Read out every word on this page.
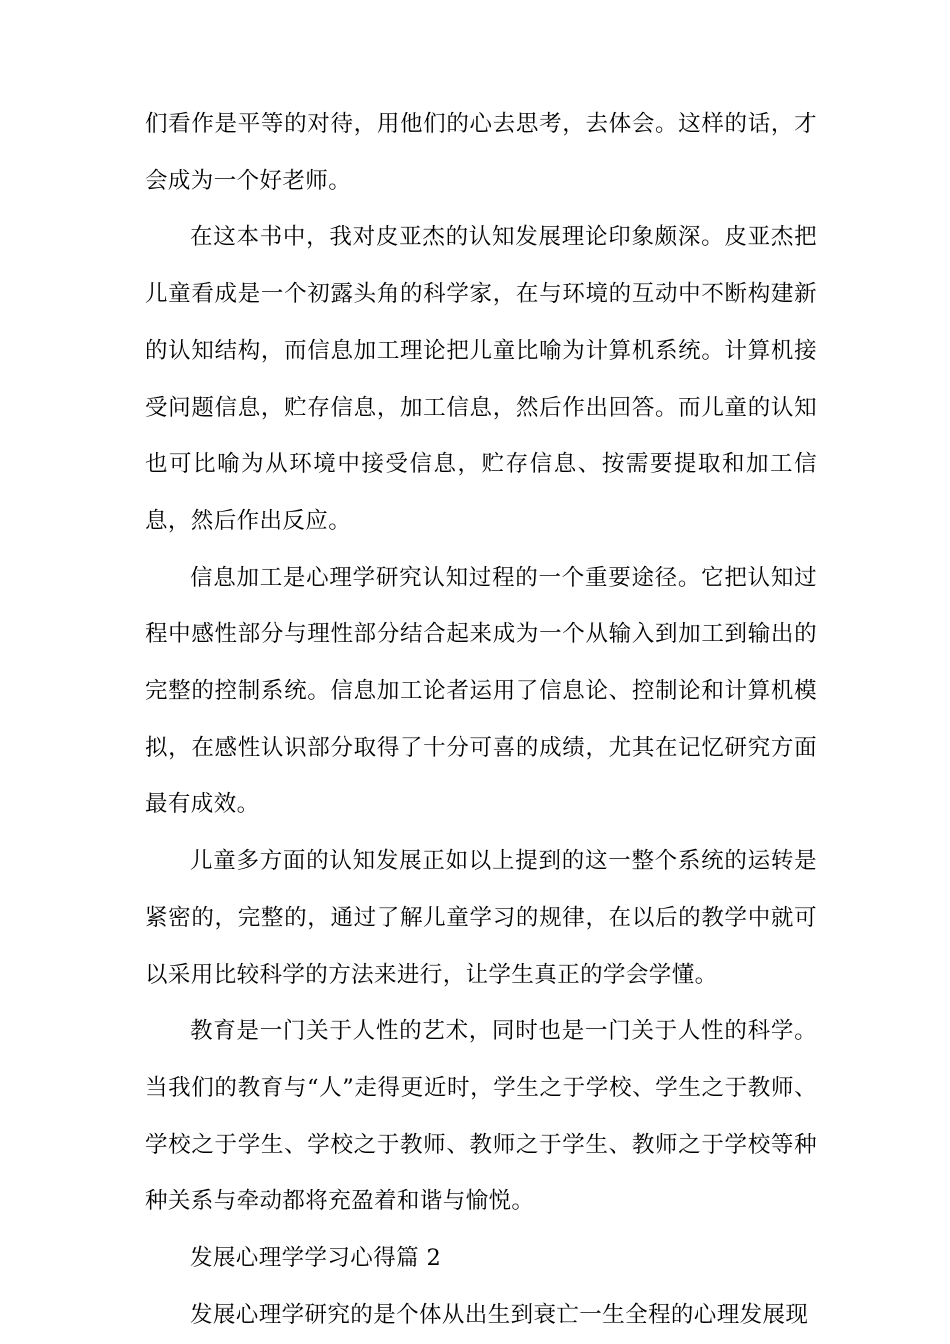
们看作是平等的对待，用他们的心去思考，去体会。这样的话，才会成为一个好老师。

在这本书中，我对皮亚杰的认知发展理论印象颇深。皮亚杰把儿童看成是一个初露头角的科学家，在与环境的互动中不断构建新的认知结构，而信息加工理论把儿童比喻为计算机系统。计算机接受问题信息，贮存信息，加工信息，然后作出回答。而儿童的认知也可比喻为从环境中接受信息，贮存信息、按需要提取和加工信息，然后作出反应。

信息加工是心理学研究认知过程的一个重要途径。它把认知过程中感性部分与理性部分结合起来成为一个从输入到加工到输出的完整的控制系统。信息加工论者运用了信息论、控制论和计算机模拟，在感性认识部分取得了十分可喜的成绩，尤其在记忆研究方面最有成效。

儿童多方面的认知发展正如以上提到的这一整个系统的运转是紧密的，完整的，通过了解儿童学习的规律，在以后的教学中就可以采用比较科学的方法来进行，让学生真正的学会学懂。

教育是一门关于人性的艺术，同时也是一门关于人性的科学。当我们的教育与“人”走得更近时，学生之于学校、学生之于教师、学校之于学生、学校之于教师、教师之于学生、教师之于学校等种种关系与牵动都将充盈着和谐与愉悦。

发展心理学学习心得篇 2

发展心理学研究的是个体从出生到衰亡一生全程的心理发展现
